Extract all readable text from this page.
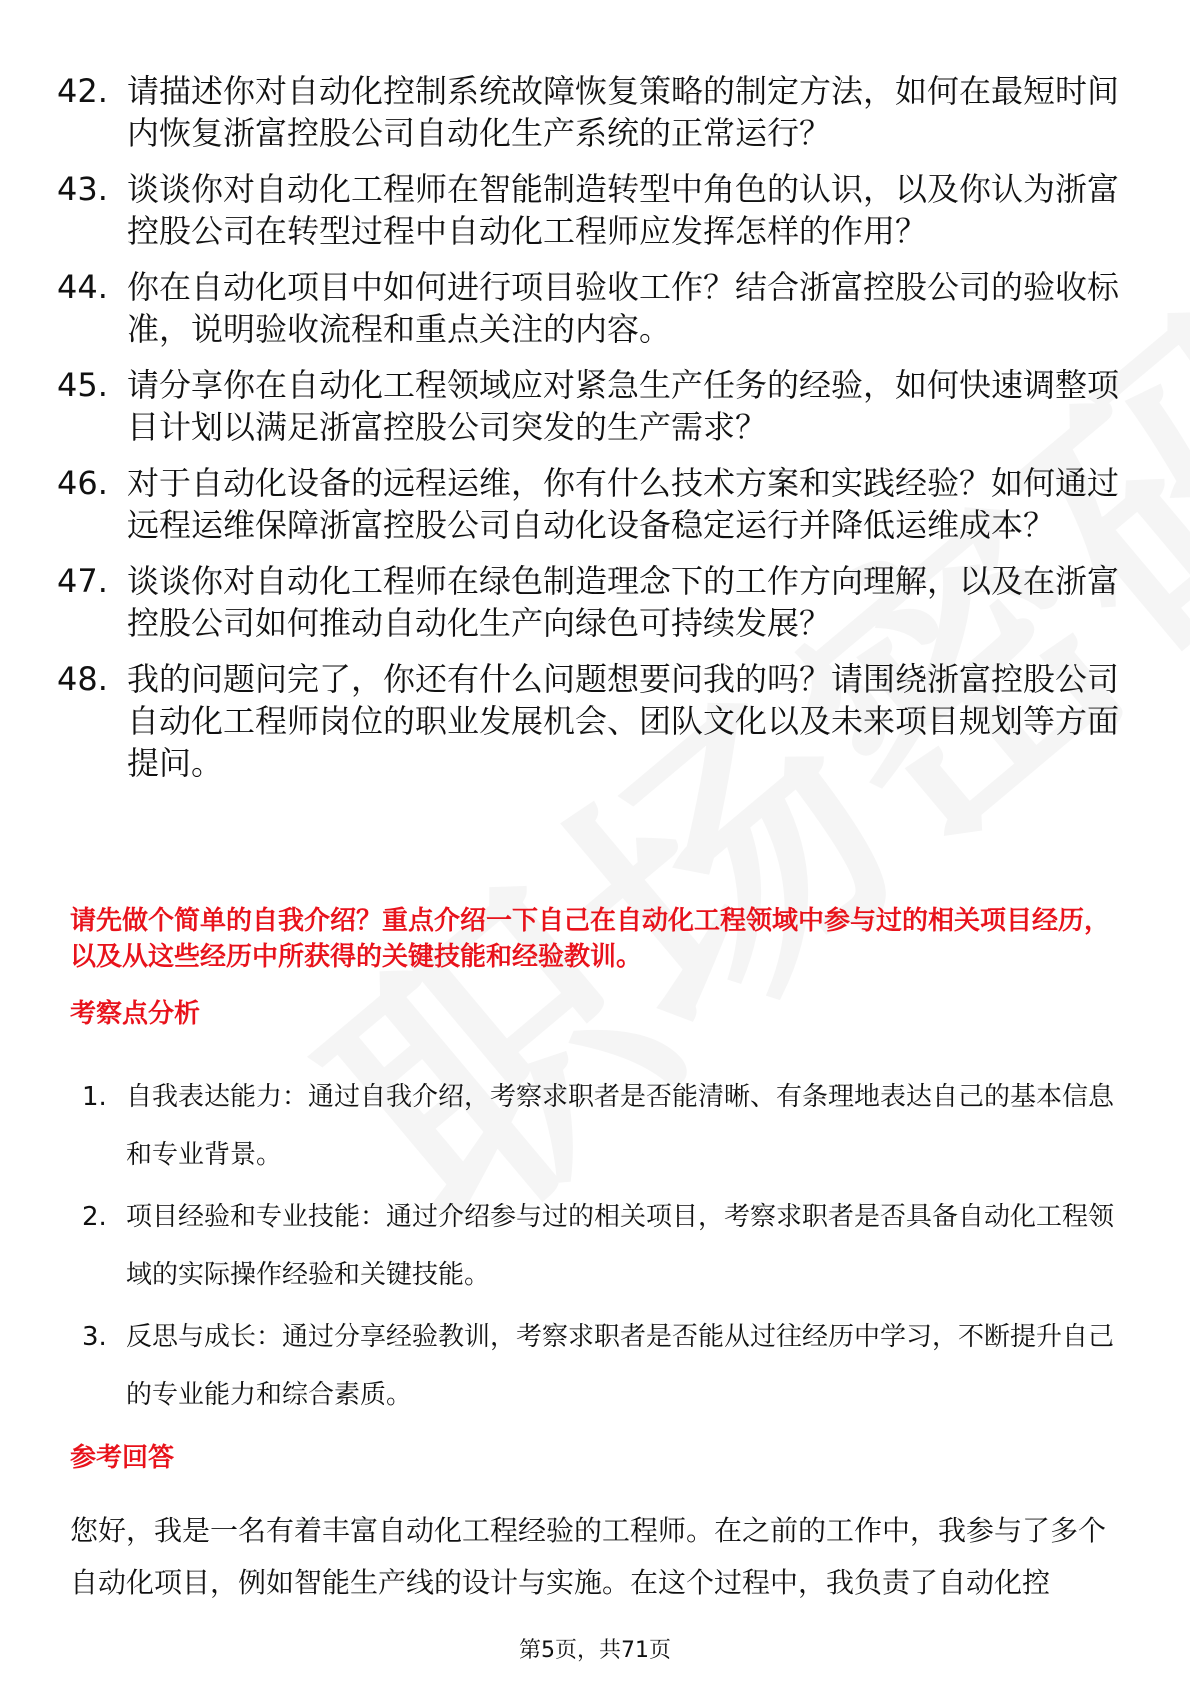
42. 请描述你对自动化控制系统故障恢复策略的制定方法，如何在最短时间内恢复浙富控股公司自动化生产系统的正常运行？
43. 谈谈你对自动化工程师在智能制造转型中角色的认识，以及你认为浙富控股公司在转型过程中自动化工程师应发挥怎样的作用？
44. 你在自动化项目中如何进行项目验收工作？结合浙富控股公司的验收标准，说明验收流程和重点关注的内容。
45. 请分享你在自动化工程领域应对紧急生产任务的经验，如何快速调整项目计划以满足浙富控股公司突发的生产需求？
46. 对于自动化设备的远程运维，你有什么技术方案和实践经验？如何通过远程运维保障浙富控股公司自动化设备稳定运行并降低运维成本？
47. 谈谈你对自动化工程师在绿色制造理念下的工作方向理解，以及在浙富控股公司如何推动自动化生产向绿色可持续发展？
48. 我的问题问完了，你还有什么问题想要问我的吗？请围绕浙富控股公司自动化工程师岗位的职业发展机会、团队文化以及未来项目规划等方面提问。
请先做个简单的自我介绍？重点介绍一下自己在自动化工程领域中参与过的相关项目经历，以及从这些经历中所获得的关键技能和经验教训。
考察点分析
1. 自我表达能力：通过自我介绍，考察求职者是否能清晰、有条理地表达自己的基本信息和专业背景。
2. 项目经验和专业技能：通过介绍参与过的相关项目，考察求职者是否具备自动化工程领域的实际操作经验和关键技能。
3. 反思与成长：通过分享经验教训，考察求职者是否能从过往经历中学习，不断提升自己的专业能力和综合素质。
参考回答
您好，我是一名有着丰富自动化工程经验的工程师。在之前的工作中，我参与了多个自动化项目，例如智能生产线的设计与实施。在这个过程中，我负责了自动化控
第5页，共71页
